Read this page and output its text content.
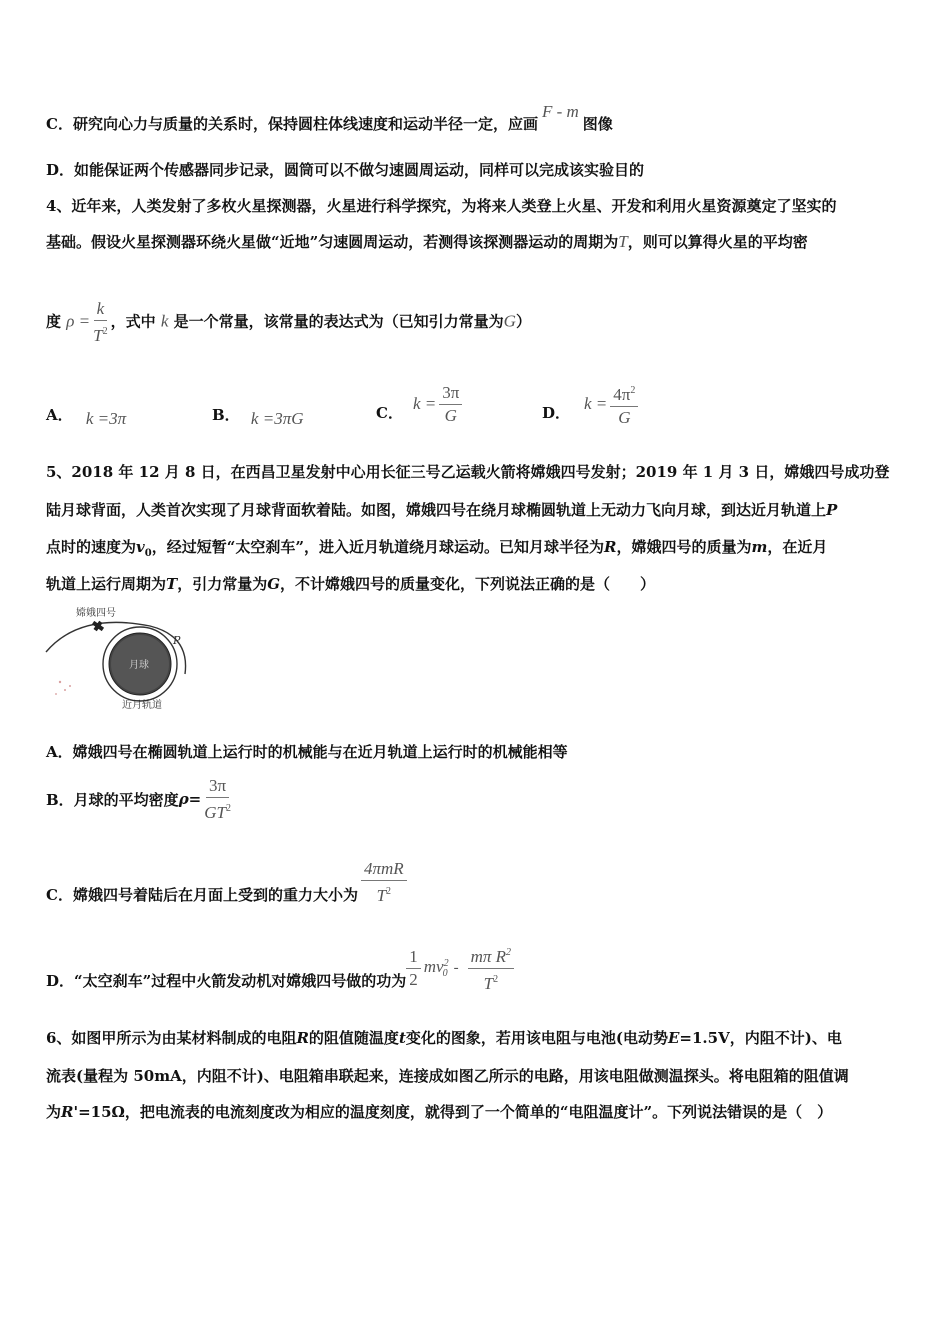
C．研究向心力与质量的关系时，保持圆柱体线速度和运动半径一定，应画F - m图像
D．如能保证两个传感器同步记录，圆筒可以不做匀速圆周运动，同样可以完成该实验目的
4、近年来，人类发射了多枚火星探测器，火星进行科学探究，为将来人类登上火星、开发和利用火星资源奠定了坚实的
基础。假设火星探测器环绕火星做“近地”匀速圆周运动，若测得该探测器运动的周期为T，则可以算得火星的平均密
度 $\rho = \frac{k}{T^2}$ ，式中 k 是一个常量，该常量的表达式为（已知引力常量为G）
A． k =3π	B． k =3πG	C． $k = \frac{3\pi}{G}$	D． $k = \frac{4\pi^2}{G}$
5、2018 年 12 月 8 日，在西昌卫星发射中心用长征三号乙运载火箭将嫦娥四号发射；2019 年 1 月 3 日，嫦娥四号成功登
陆月球背面，人类首次实现了月球背面软着陆。如图，嫦娥四号在绕月球椭圆轨道上无动力飞向月球，到达近月轨道上P
点时的速度为$v_0$，经过短暂“太空刹车”，进入近月轨道绕月球运动。已知月球半径为R，嫦娥四号的质量为m，在近月
轨道上运行周期为T，引力常量为G，不计嫦娥四号的质量变化，下列说法正确的是（　　）
嫦娥四号
月球
近月轨道
P
A．嫦娥四号在椭圆轨道上运行时的机械能与在近月轨道上运行时的机械能相等
B．月球的平均密度 $\rho= \frac{3\pi}{GT^2}$
C．嫦娥四号着陆后在月面上受到的重力大小为 $\frac{\text{4πmR}}{T^2}$
D．“太空刹车”过程中火箭发动机对嫦娥四号做的功为 $\frac{1}{2} mv^2_0 - \frac{m\pi R^2}{T^2}$
6、如图甲所示为由某材料制成的电阻R的阻值随温度t变化的图象，若用该电阻与电池(电动势E=1.5V，内阻不计)、电
流表(量程为 50mA，内阻不计)、电阻箱串联起来，连接成如图乙所示的电路，用该电阻做测温探头。将电阻箱的阻值调
为R'=15Ω，把电流表的电流刻度改为相应的温度刻度，就得到了一个简单的“电阻温度计”。下列说法错误的是（　）
